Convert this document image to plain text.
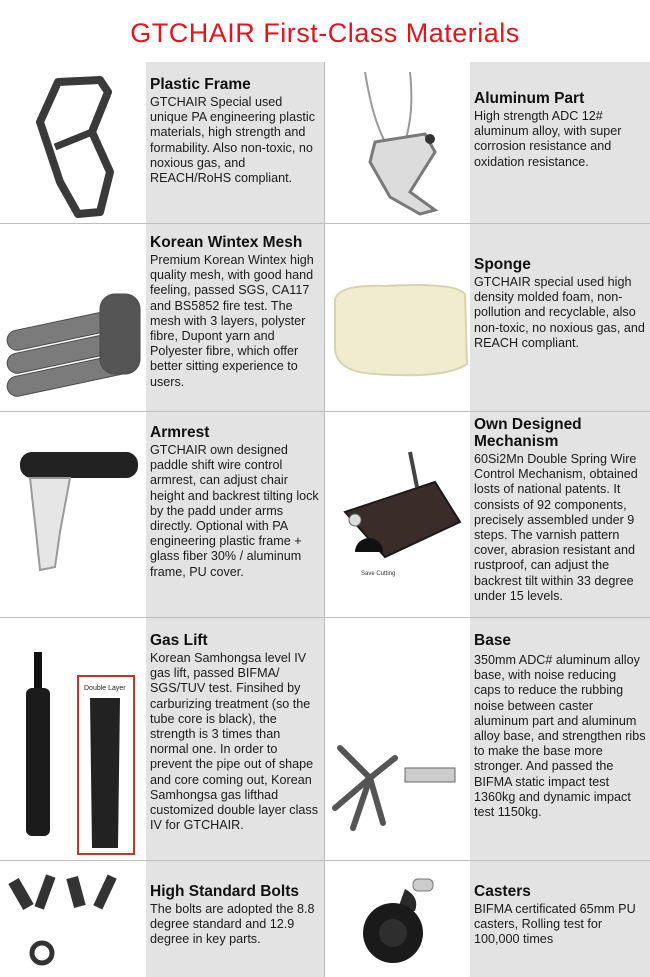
GTCHAIR First-Class Materials

Plastic Frame

GTCHAIR Special used unique PA engineering plastic materials, high strength and formability. Also non-toxic, no noxious gas, and REACH/RoHS compliant.

Aluminum Part

High strength ADC 12# aluminum alloy, with super corrosion resistance and oxidation resistance.

Korean Wintex Mesh

Premium Korean Wintex high quality mesh, with good hand feeling, passed SGS, CA117 and BS5852 fire test. The mesh with 3 layers, polyster fibre, Dupont yarn and Polyester fibre, which offer better sitting experience to users.

Sponge

GTCHAIR special used high density molded foam, non-pollution and recyclable, also non-toxic, no noxious gas, and REACH compliant.

Armrest

GTCHAIR own designed paddle shift wire control armrest, can adjust chair height and backrest tilting lock by the padd under arms directly. Optional with PA engineering plastic frame + glass fiber 30% / aluminum frame, PU cover.	Save Cutting

Own Designed Mechanism

60Si2Mn Double Spring Wire Control Mechanism, obtained losts of national patents. It consists of 92 components, precisely assembled under 9 steps. The varnish pattern cover, abrasion resistant and rustproof, can adjust the backrest tilt within 33 degree under 15 levels.

Double Layer

Gas Lift

Korean Samhongsa level IV gas lift, passed BIFMA/ SGS/TUV test. Finsihed by carburizing treatment (so the tube core is black), the strength is 3 times than normal one. In order to prevent the pipe out of shape and core coming out, Korean Samhongsa gas lifthad customized double layer class IV for GTCHAIR.

Base

350mm ADC# aluminum alloy base, with noise reducing caps to reduce the rubbing noise between caster aluminum part and aluminum alloy base, and strengthen ribs to make the base more stronger. And passed the BIFMA static impact test 1360kg and dynamic impact test 1150kg.

High Standard Bolts

The bolts are adopted the 8.8 degree standard and 12.9 degree in key parts.

Casters

BIFMA certificated 65mm PU casters, Rolling test for 100,000 times
